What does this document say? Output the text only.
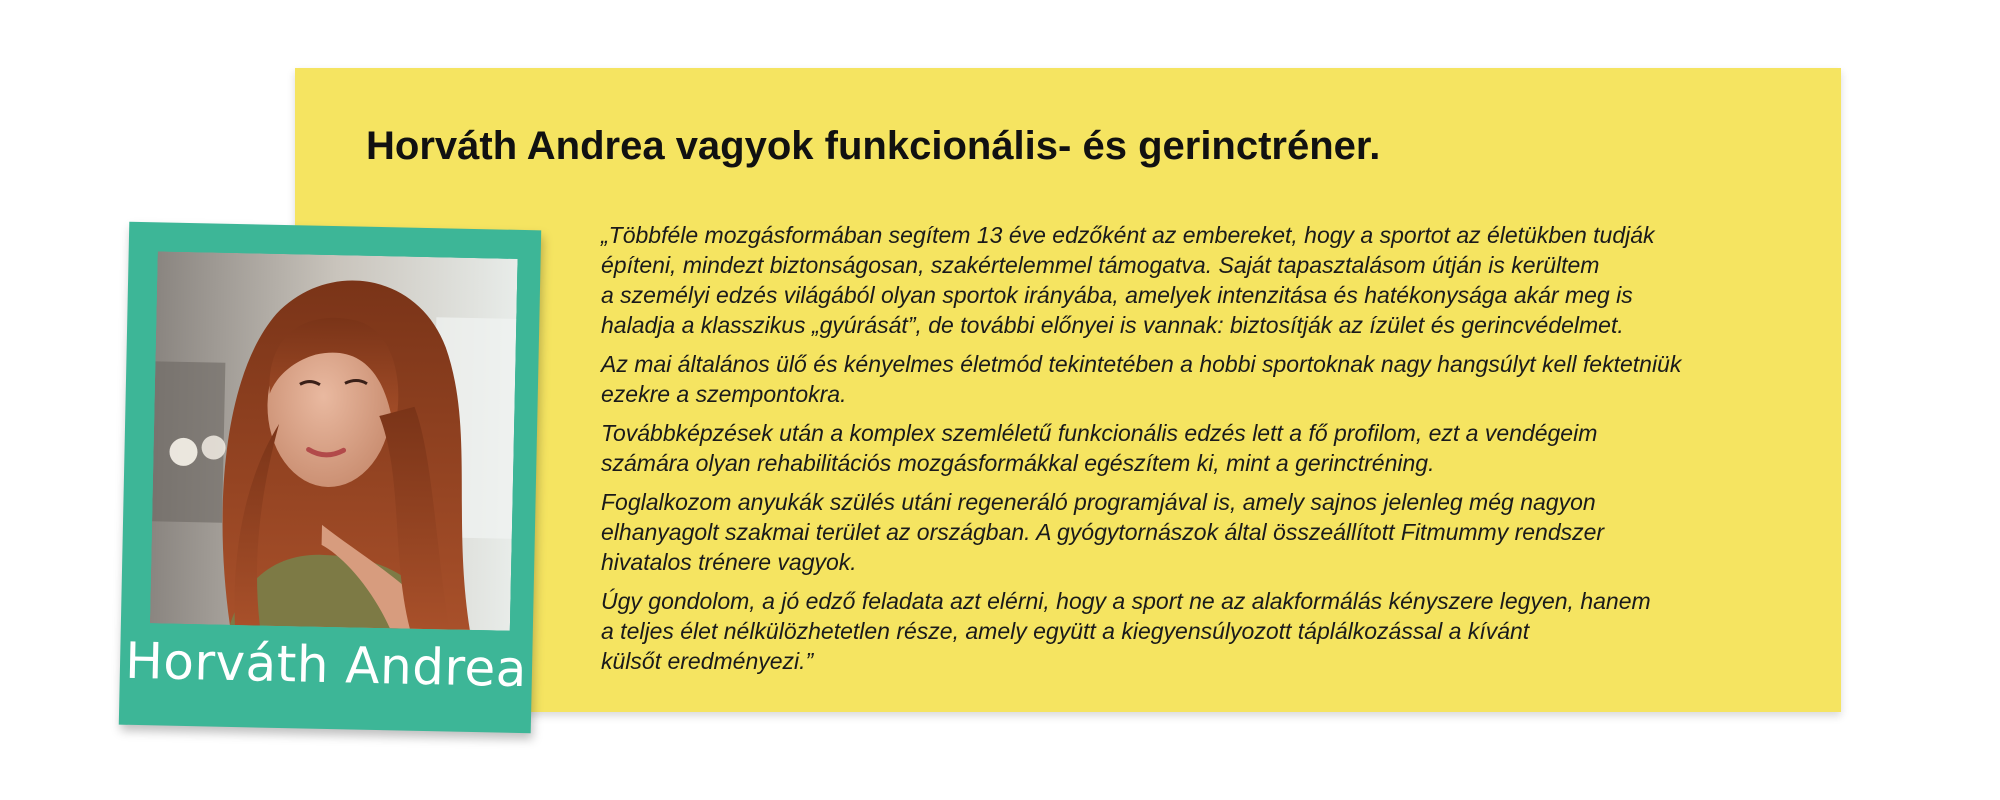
Horváth Andrea vagyok funkcionális- és gerinctréner.

„Többféle mozgásformában segítem 13 éve edzőként az embereket, hogy a sportot az életükben tudják
építeni, mindezt biztonságosan, szakértelemmel támogatva. Saját tapasztalásom útján is kerültem
a személyi edzés világából olyan sportok irányába, amelyek intenzitása és hatékonysága akár meg is
haladja a klasszikus „gyúrását”, de további előnyei is vannak: biztosítják az ízület és gerincvédelmet.

Az mai általános ülő és kényelmes életmód tekintetében a hobbi sportoknak nagy hangsúlyt kell fektetniük
ezekre a szempontokra.

Továbbképzések után a komplex szemléletű funkcionális edzés lett a fő profilom, ezt a vendégeim
számára olyan rehabilitációs mozgásformákkal egészítem ki, mint a gerinctréning.

Foglalkozom anyukák szülés utáni regeneráló programjával is, amely sajnos jelenleg még nagyon
elhanyagolt szakmai terület az országban. A gyógytornászok által összeállított Fitmummy rendszer
hivatalos trénere vagyok.

Úgy gondolom, a jó edző feladata azt elérni, hogy a sport ne az alakformálás kényszere legyen, hanem
a teljes élet nélkülözhetetlen része, amely együtt a kiegyensúlyozott táplálkozással a kívánt
külsőt eredményezi.”

Horváth Andrea
